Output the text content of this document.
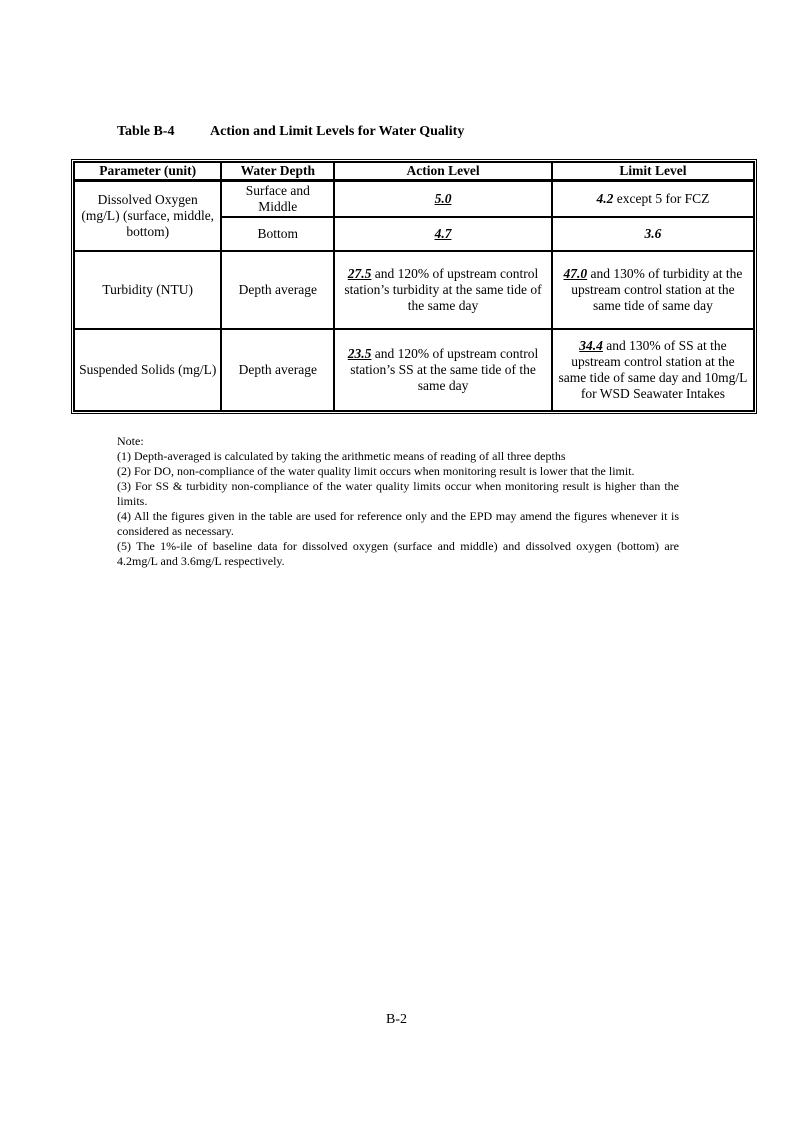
Table B-4	Action and Limit Levels for Water Quality
Parameter (unit)	Water Depth	Action Level	Limit Level
Dissolved Oxygen (mg/L) (surface, middle, bottom)	Surface and Middle	5.0	4.2 except 5 for FCZ
	Bottom	4.7	3.6
Turbidity (NTU)	Depth average	27.5 and 120% of upstream control station’s turbidity at the same tide of the same day	47.0 and 130% of turbidity at the upstream control station at the same tide of same day
Suspended Solids (mg/L)	Depth average	23.5 and 120% of upstream control station’s SS at the same tide of the same day	34.4 and 130% of SS at the upstream control station at the same tide of same day and 10mg/L for WSD Seawater Intakes

Note:

(1) Depth-averaged is calculated by taking the arithmetic means of reading of all three depths

(2) For DO, non-compliance of the water quality limit occurs when monitoring result is lower that the limit.

(3) For SS & turbidity non-compliance of the water quality limits occur when monitoring result is higher than the limits.

(4) All the figures given in the table are used for reference only and the EPD may amend the figures whenever it is considered as necessary.

(5) The 1%-ile of baseline data for dissolved oxygen (surface and middle) and dissolved oxygen (bottom) are 4.2mg/L and 3.6mg/L respectively.

B-2
